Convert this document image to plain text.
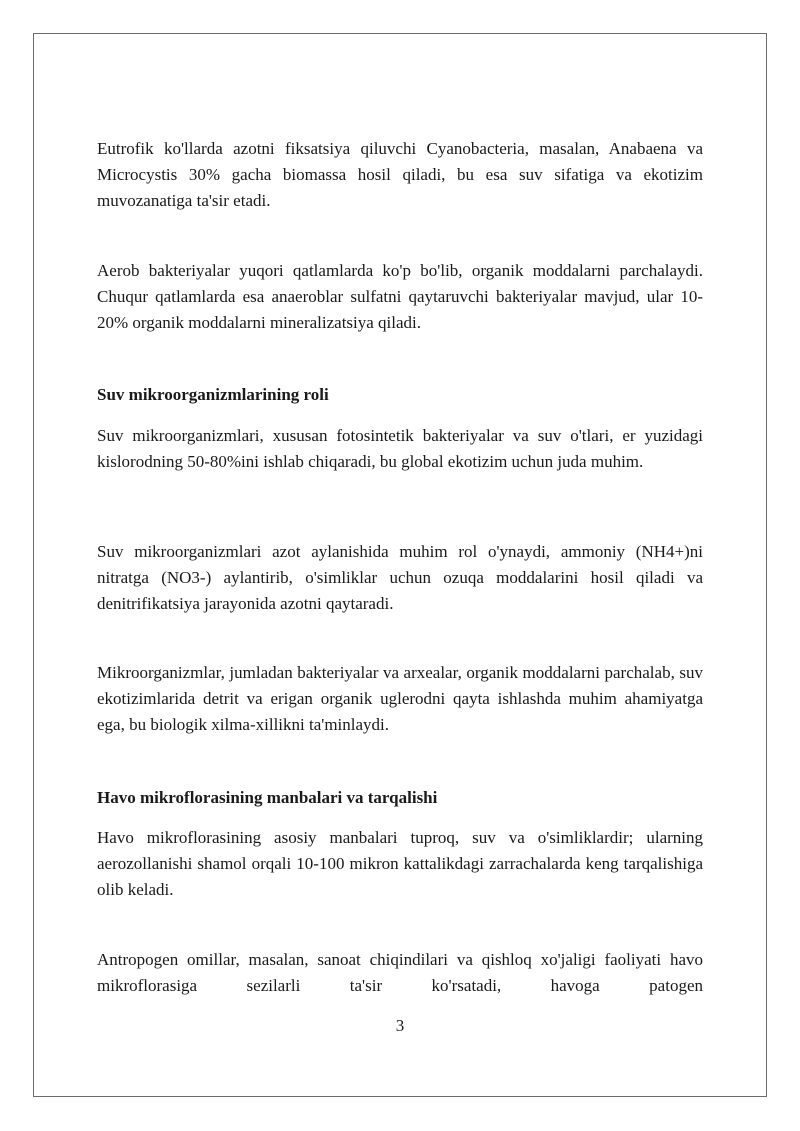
Eutrofik ko'llarda azotni fiksatsiya qiluvchi Cyanobacteria, masalan, Anabaena va Microcystis 30% gacha biomassa hosil qiladi, bu esa suv sifatiga va ekotizim muvozanatiga ta'sir etadi.

Aerob bakteriyalar yuqori qatlamlarda ko'p bo'lib, organik moddalarni parchalaydi. Chuqur qatlamlarda esa anaeroblar sulfatni qaytaruvchi bakteriyalar mavjud, ular 10-20% organik moddalarni mineralizatsiya qiladi.

Suv mikroorganizmlarining roli

Suv mikroorganizmlari, xususan fotosintetik bakteriyalar va suv o'tlari, er yuzidagi kislorodning 50-80%ini ishlab chiqaradi, bu global ekotizim uchun juda muhim.

Suv mikroorganizmlari azot aylanishida muhim rol o'ynaydi, ammoniy (NH4+)ni nitratga (NO3-) aylantirib, o'simliklar uchun ozuqa moddalarini hosil qiladi va denitrifikatsiya jarayonida azotni qaytaradi.

Mikroorganizmlar, jumladan bakteriyalar va arxealar, organik moddalarni parchalab, suv ekotizimlarida detrit va erigan organik uglerodni qayta ishlashda muhim ahamiyatga ega, bu biologik xilma-xillikni ta'minlaydi.

Havo mikroflorasining manbalari va tarqalishi

Havo mikroflorasining asosiy manbalari tuproq, suv va o'simliklardir; ularning aerozollanishi shamol orqali 10-100 mikron kattalikdagi zarrachalarda keng tarqalishiga olib keladi.

Antropogen omillar, masalan, sanoat chiqindilari va qishloq xo'jaligi faoliyati havo mikroflorasiga sezilarli ta'sir ko'rsatadi, havoga patogen

3
